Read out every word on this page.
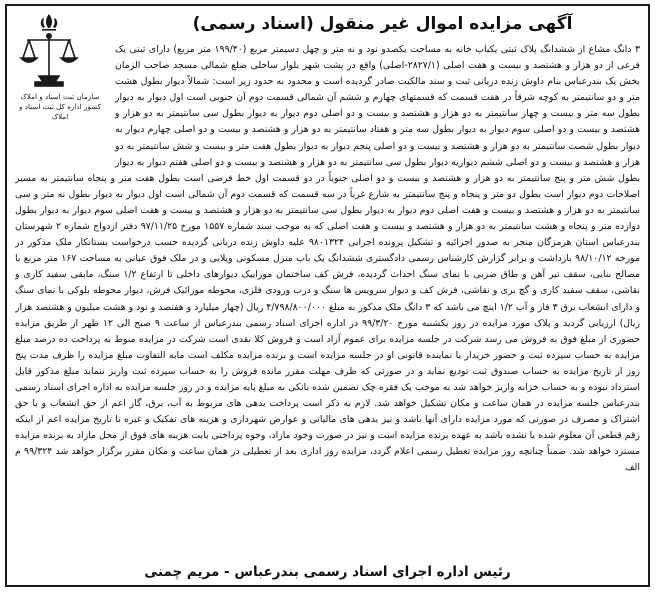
سازمان ثبت اسناد و املاک کشور اداره کل ثبت اسناد و املاک
آگهی مزایده اموال غیر منقول (اسناد رسمی)
۳ دانگ مشاع از ششدانگ پلاک ثبتی یکباب خانه به مساحت یکصدو نود و نه متر و چهل دسیمتر مربع (۱۹۹/۴۰ متر مربع) دارای ثبتی یک فرعی از دو هزار و هشتصد و بیست و هفت اصلی (۲۸۲۷/۱-اصلی) واقع در پشت شهر بلوار ساحلی ضلع شمالی مسجد صاحب الزمان بخش یک بندرعباس بنام داوش زنده دریانی ثبت و سند مالکیت صادر گردیده است و محدود به حدود زیر است: شمالاً دیوار بطول هشت متر و دو سانتیمتر به کوچه شرقاً در هفت قسمت که قسمتهای چهارم و ششم آن شمالی قسمت دوم آن جنوبی است اول دیوار به دیوار بطول سه متر و بیست و چهار سانتیمتر به دو هزار و هشتصد و بیست و دو اصلی دوم دیوار به دیوار بطول سی سانتیمتر به دو هزار و هشتصد و بیست و دو اصلی سوم دیوار به دیوار بطول سه متر و هفتاد سانتیمتر به دو هزار و هشتصد و بیست و دو اصلی چهارم دیوار به دیوار بطول شصت سانتیمتر به دو هزار و هشتصد و بیست و دو اصلی پنجم دیوار به دیوار بطول هفت متر و بیست و شش سانتیمتر به دو هزار و هشتصد و بیست و دو اصلی ششم دیواریه دیوار بطول سی سانتیمتر به دو هزار و هشتصد و بیست و دو اصلی هفتم دیوار به دیوار بطول شش متر و پنج سانتیمتر به دو هزار و هشتصد و بیست و دو اصلی جنوباً در دو قسمت اول خط فرضی است بطول هفت متر و پنجاه سانتیمتر به مسیر اصلاحات دوم دیوار است بطول دو متر و پنجاه و پنج سانتیمتر به شارع غرباً در سه قسمت که قسمت دوم آن شمالی است اول دیوار به دیوار بطول نه متر و سی سانتیمتر به دو هزار و هشتصد و بیست و هفت اصلی دوم دیوار به دیوار بطول سی سانتیمتر به دو هزار و هشتصد و بیست و هفت اصلی سوم دیوار به دیوار بطول دوازده متر و پنجاه و هشت سانتیمتر به دو هزار و هشتصد و بیست و هفت اصلی که به موجب سند شماره ۱۵۵۷ مورخ ۹۷/۱۱/۲۵ دفتر ازدواج شماره ۲ شهرستان بندرعباس استان هرمزگان منجر به صدور اجرائیه و تشکیل پرونده اجرایی ۹۸۰۱۳۲۴ علیه داوش زنده دریانی گردیده حسب درخواست بستانکار ملک مذکور در مورخه ۹۸/۱۰/۱۲ بازداشت و برابر گزارش کارشناس رسمی دادگستری ششدانگ یک باب منزل مسکونی ویلایی و در ملک فوق عیانی به مساحت ۱۶۷ متر مربع با مصالح بنایی، سقف تیر آهن و طاق ضربی با نمای سنگ احداث گردیده، فرش کف ساختمان موزاییک دیوارهای داخلی تا ارتفاع ۱/۲ سنگ، مابقی سفید کاری و نقاشی، سقف سفید کاری و گچ بری و نقاشی، فرش کف و دیوار سرویس ها سنگ و درب ورودی فلزی، محوطه موزائیک فرش، دیوار محوطه بلوکی با نمای سنگ و دارای انشعاب برق ۳ فاز و آب ۱/۲ اینچ می باشد که ۳ دانگ ملک مذکور به مبلغ ۴/۷۹۸/۸۰۰/۰۰۰ ریال (چهار میلیارد و هفتصد و نود و هشت میلیون و هشتصد هزار ریال) ارزیابی گردید و پلاک مورد مزایده در روز یکشنبه مورخ ۹۹/۳/۲۰ در اداره اجرای اسناد رسمی بندرعباس از ساعت ۹ صبح الی ۱۲ ظهر از طریق مزایده حضوری از مبلغ فوق به فروش می رسد شرکت در جلسه مزایده برای عموم آزاد است و فروش کلا نقدی است شرکت در مزایده منوط به پرداخت ده درصد مبلغ مزایده به حساب سپرده ثبت و حضور خریدار یا نماینده قانونی او در جلسه مزایده است و برنده مزایده مکلف است مابه التفاوت مبلغ مزایده را ظرف مدت پنج روز از تاریخ مزایده به حساب صندوق ثبت تودیع نماید و در صورتی که ظرف مهلت مقرر مانده فروش را به حساب سپرده ثبت واریز ننماید مبلغ مذکور قابل استرداد نبوده و به حساب خزانه واریز خواهد شد به موجب یک فقره چک تضمین شده بانکی به مبلغ پایه مزایده و در روز جلسه مزایده به اداره اجرای اسناد رسمی بندرعباس جلسه مزایده در همان ساعت و مکان تشکیل خواهد شد. لازم به ذکر است پرداخت بدهی های مربوط به آب، برق، گاز اعم از حق انشعاب و یا حق اشتراک و مصرف در صورتی که مورد مزایده دارای آنها باشد و نیز بدهی های مالیاتی و عوارض شهرداری و هزینه های تفکیک و غیره تا تاریخ مزایده اعم از اینکه رقم قطعی آن معلوم شده یا نشده باشد به عهده برنده مزایده است و نیز در صورت وجود مازاد، وجوه پرداختی بابت هزینه های فوق از محل مازاد به برنده مزایده مسترد خواهد شد. ضمناً چنانچه روز مزایده تعطیل رسمی اعلام گردد، مزایده روز اداری بعد از تعطیلی در همان ساعت و مکان مقرر برگزار خواهد شد ۹۹/۳۲۴ م الف
رئیس اداره اجرای اسناد رسمی بندرعباس - مریم چمنی
